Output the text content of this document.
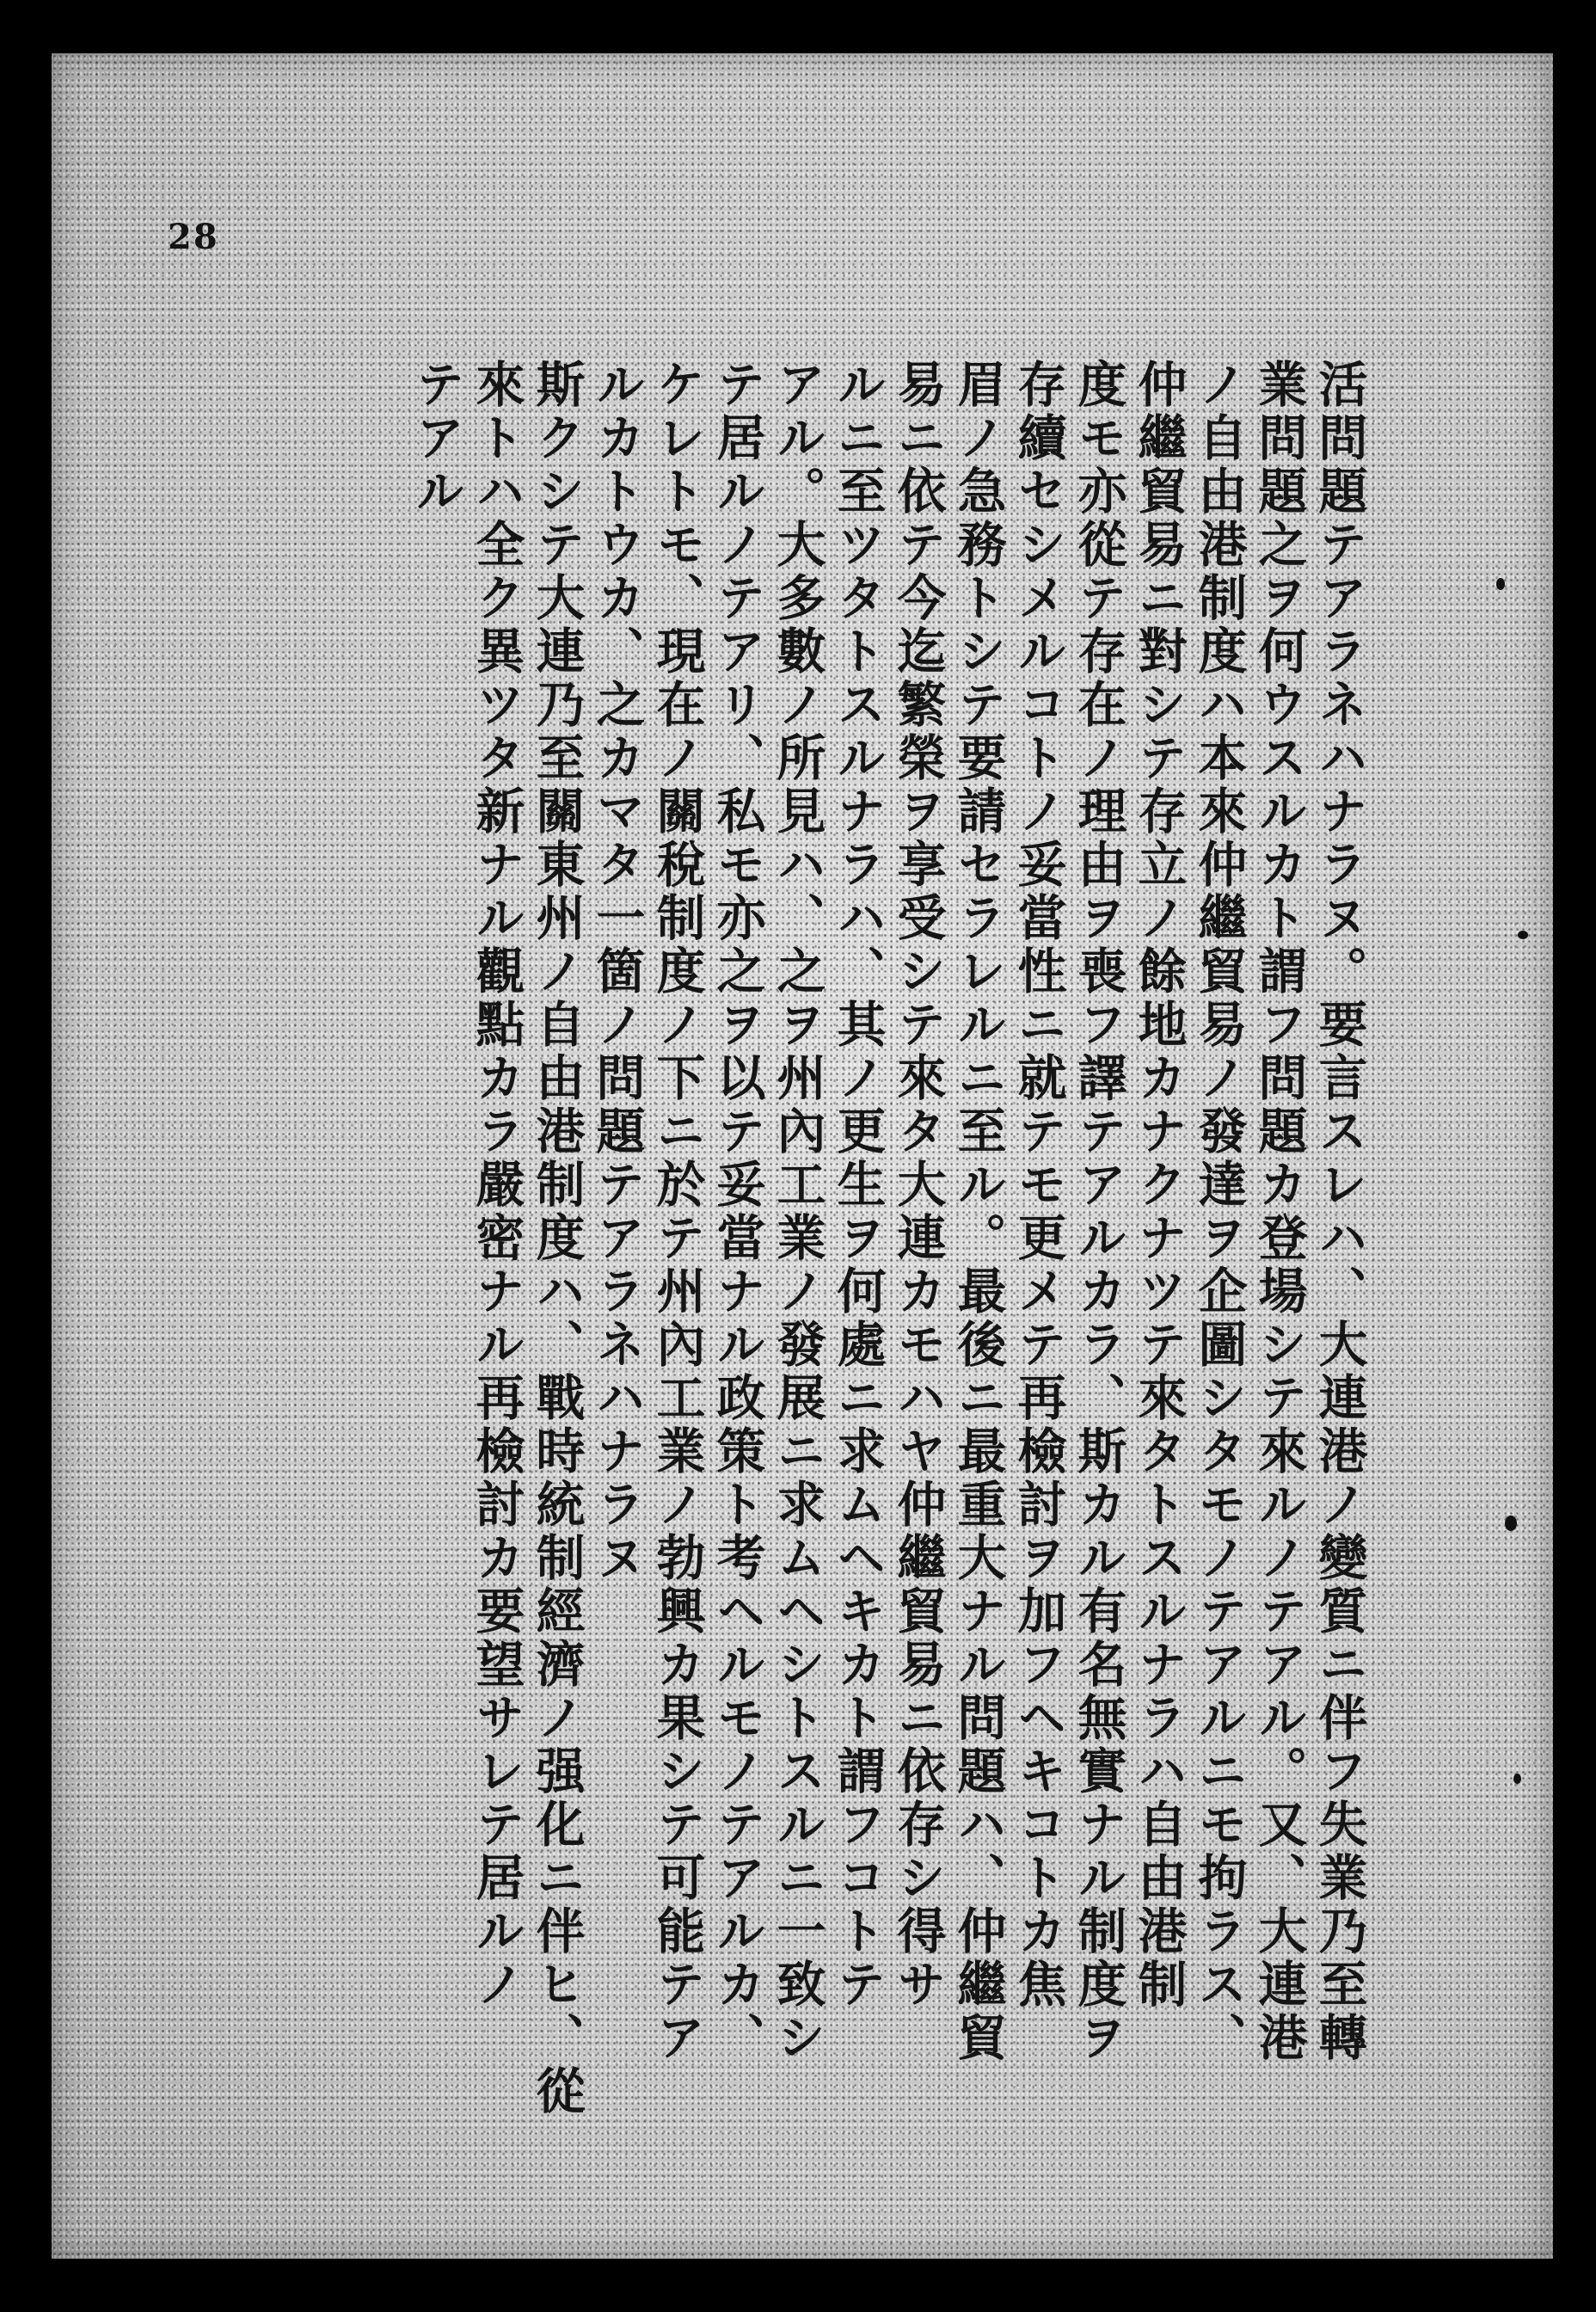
28
活問題テアラネハナラヌ。要言スレハ、大連港ノ變質ニ伴フ失業乃至轉
業問題之ヲ何ウスルカト謂フ問題カ登場シテ來ルノテアル。又、大連港
ノ自由港制度ハ本來仲繼貿易ノ發達ヲ企圖シタモノテアルニモ拘ラス、
仲繼貿易ニ對シテ存立ノ餘地カナクナツテ來タトスルナラハ自由港制
度モ亦從テ存在ノ理由ヲ喪フ譯テアルカラ、斯カル有名無實ナル制度ヲ
存續セシメルコトノ妥當性ニ就テモ更メテ再檢討ヲ加フヘキコトカ焦
眉ノ急務トシテ要請セラレルニ至ル。最後ニ最重大ナル問題ハ、仲繼貿
易ニ依テ今迄繁榮ヲ享受シテ來タ大連カモハヤ仲繼貿易ニ依存シ得サ
ルニ至ツタトスルナラハ、其ノ更生ヲ何處ニ求ムヘキカト謂フコトテ
アル。大多數ノ所見ハ、之ヲ州內工業ノ發展ニ求ムヘシトスルニ一致シ
テ居ルノテアリ、私モ亦之ヲ以テ妥當ナル政策ト考ヘルモノテアルカ、
ケレトモ、現在ノ關稅制度ノ下ニ於テ州內工業ノ勃興カ果シテ可能テア
ルカトウカ、之カマタ一箇ノ問題テアラネハナラヌ
斯クシテ大連乃至關東州ノ自由港制度ハ、戰時統制經濟ノ强化ニ伴ヒ、從
來トハ全ク異ツタ新ナル觀點カラ嚴密ナル再檢討カ要望サレテ居ルノ
テアル
